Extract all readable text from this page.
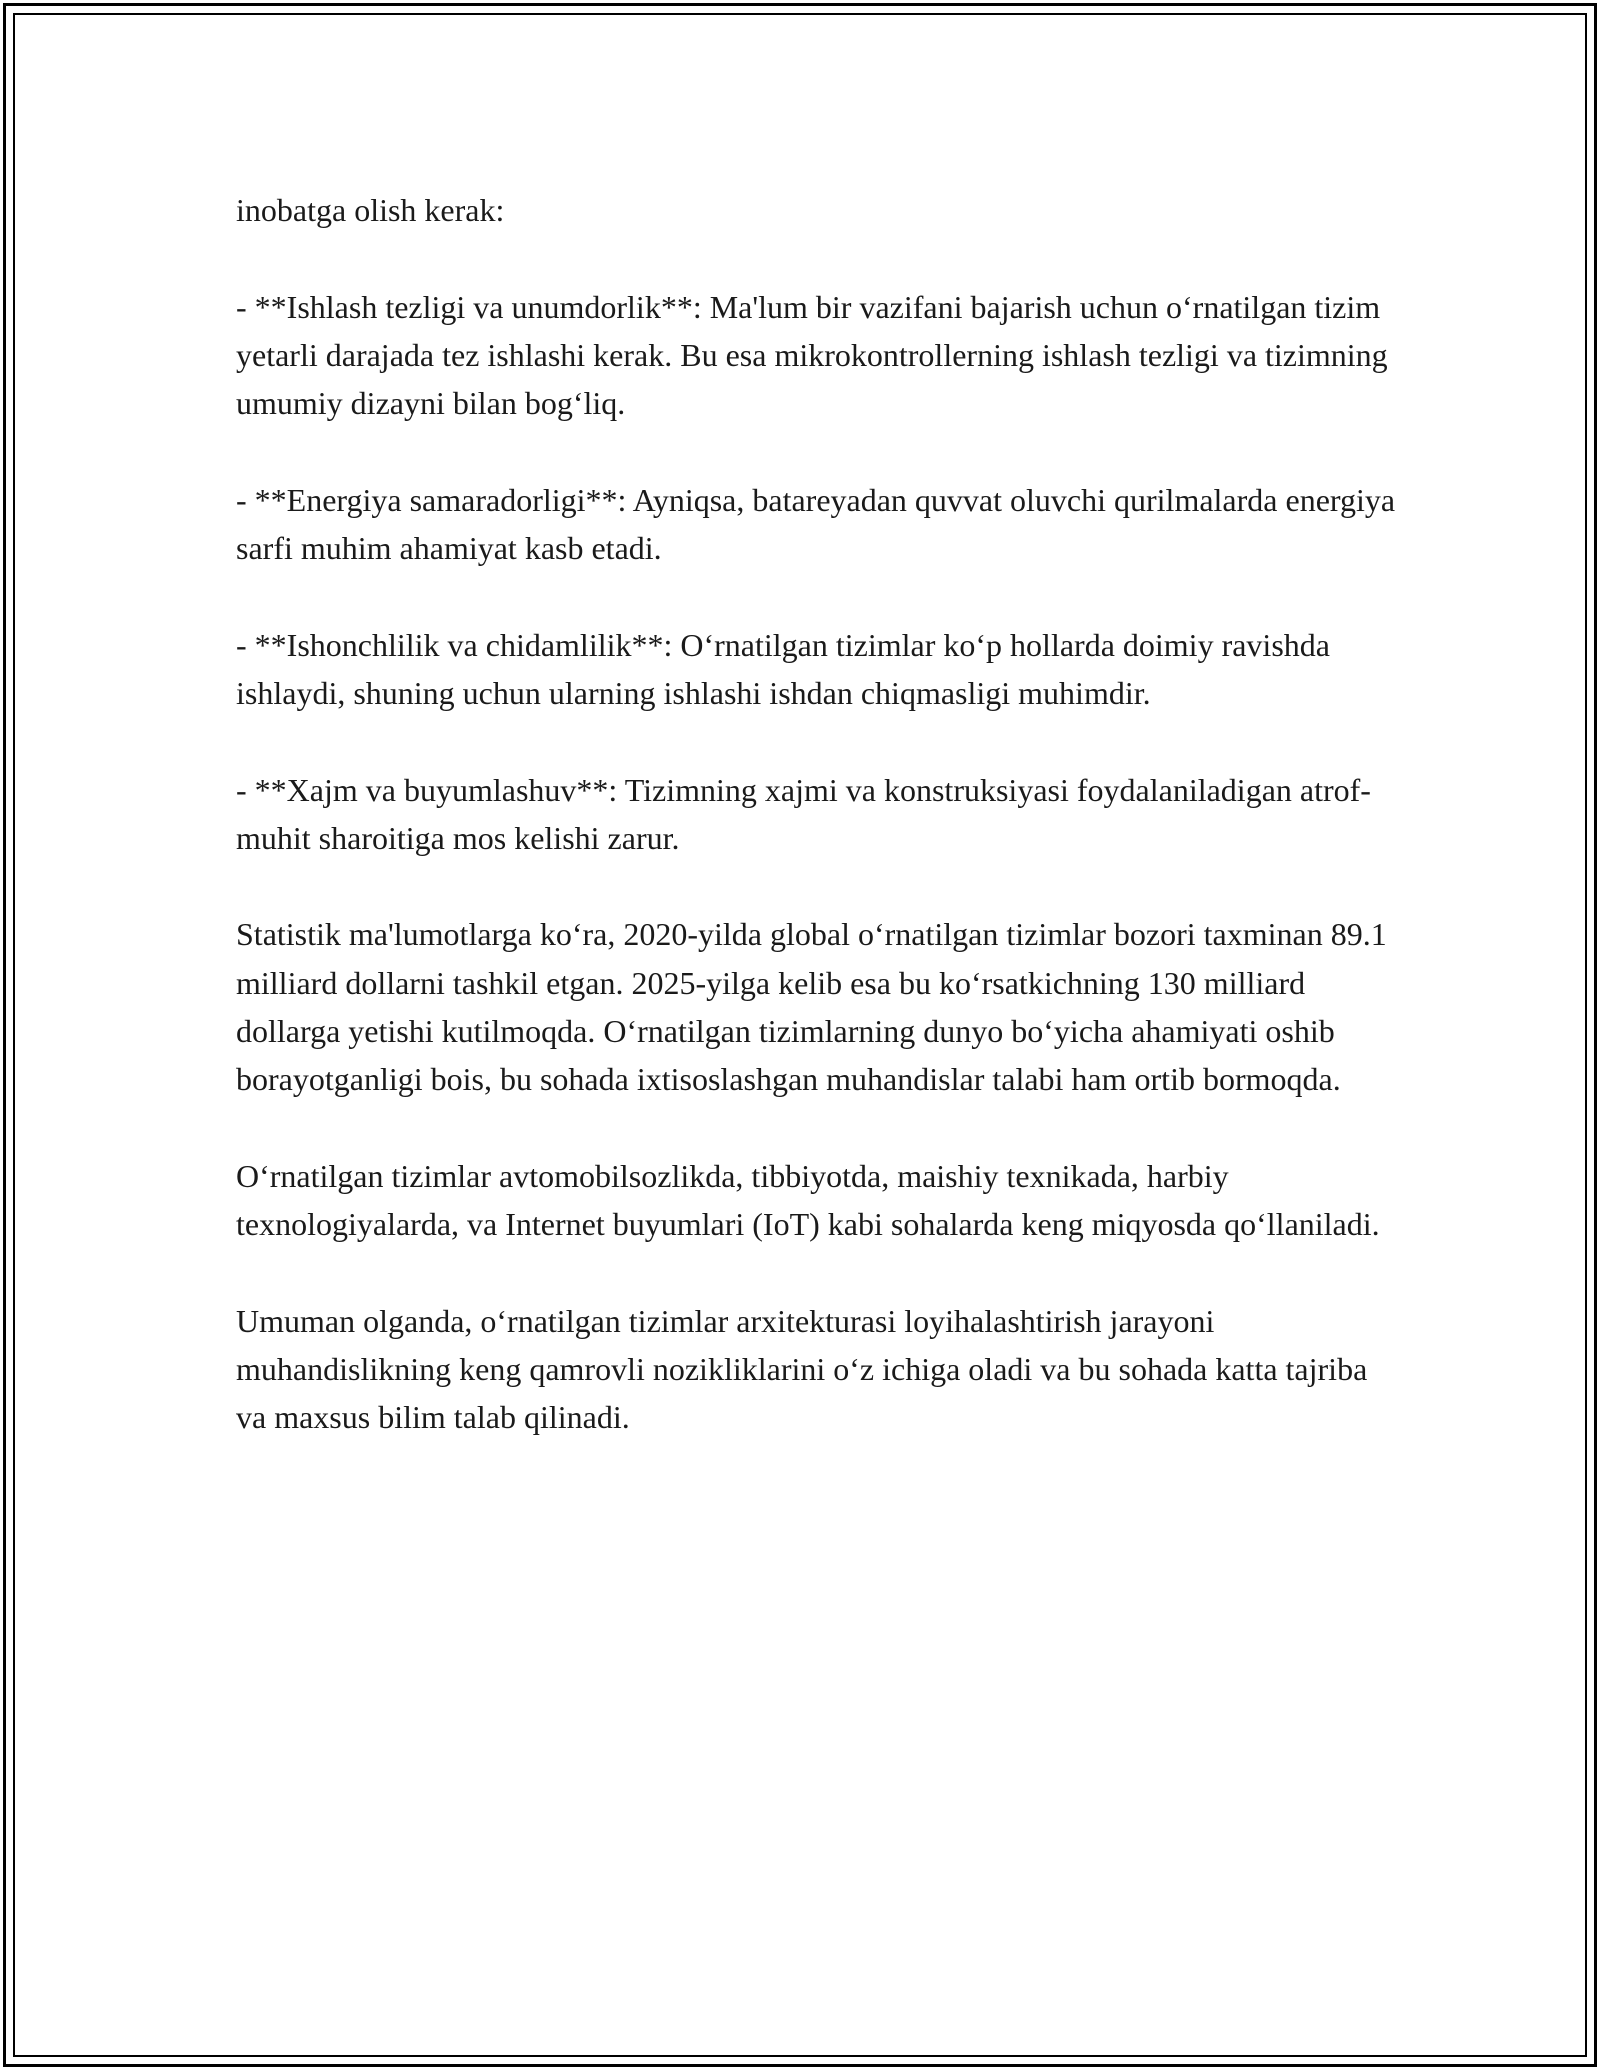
inobatga olish kerak:

- **Ishlash tezligi va unumdorlik**: Ma'lum bir vazifani bajarish uchun o‘rnatilgan tizim yetarli darajada tez ishlashi kerak. Bu esa mikrokontrollerning ishlash tezligi va tizimning umumiy dizayni bilan bog‘liq.

- **Energiya samaradorligi**: Ayniqsa, batareyadan quvvat oluvchi qurilmalarda energiya sarfi muhim ahamiyat kasb etadi.

- **Ishonchlilik va chidamlilik**: O‘rnatilgan tizimlar ko‘p hollarda doimiy ravishda ishlaydi, shuning uchun ularning ishlashi ishdan chiqmasligi muhimdir.

- **Xajm va buyumlashuv**: Tizimning xajmi va konstruksiyasi foydalaniladigan atrof-muhit sharoitiga mos kelishi zarur.

Statistik ma'lumotlarga ko‘ra, 2020-yilda global o‘rnatilgan tizimlar bozori taxminan 89.1 milliard dollarni tashkil etgan. 2025-yilga kelib esa bu ko‘rsatkichning 130 milliard dollarga yetishi kutilmoqda. O‘rnatilgan tizimlarning dunyo bo‘yicha ahamiyati oshib borayotganligi bois, bu sohada ixtisoslashgan muhandislar talabi ham ortib bormoqda.

O‘rnatilgan tizimlar avtomobilsozlikda, tibbiyotda, maishiy texnikada, harbiy texnologiyalarda, va Internet buyumlari (IoT) kabi sohalarda keng miqyosda qo‘llaniladi.

Umuman olganda, o‘rnatilgan tizimlar arxitekturasi loyihalashtirish jarayoni muhandislikning keng qamrovli nozikliklarini o‘z ichiga oladi va bu sohada katta tajriba va maxsus bilim talab qilinadi.
